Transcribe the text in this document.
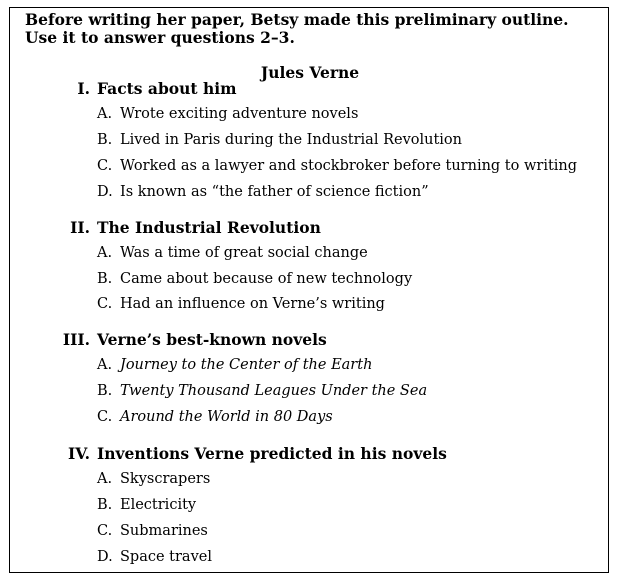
Before writing her paper, Betsy made this preliminary outline. Use it to answer questions 2–3.

Jules Verne

I. Facts about him
A. Wrote exciting adventure novels
B. Lived in Paris during the Industrial Revolution
C. Worked as a lawyer and stockbroker before turning to writing
D. Is known as “the father of science fiction”
II. The Industrial Revolution
A. Was a time of great social change
B. Came about because of new technology
C. Had an influence on Verne’s writing
III. Verne’s best-known novels
A. Journey to the Center of the Earth
B. Twenty Thousand Leagues Under the Sea
C. Around the World in 80 Days
IV. Inventions Verne predicted in his novels
A. Skyscrapers
B. Electricity
C. Submarines
D. Space travel
